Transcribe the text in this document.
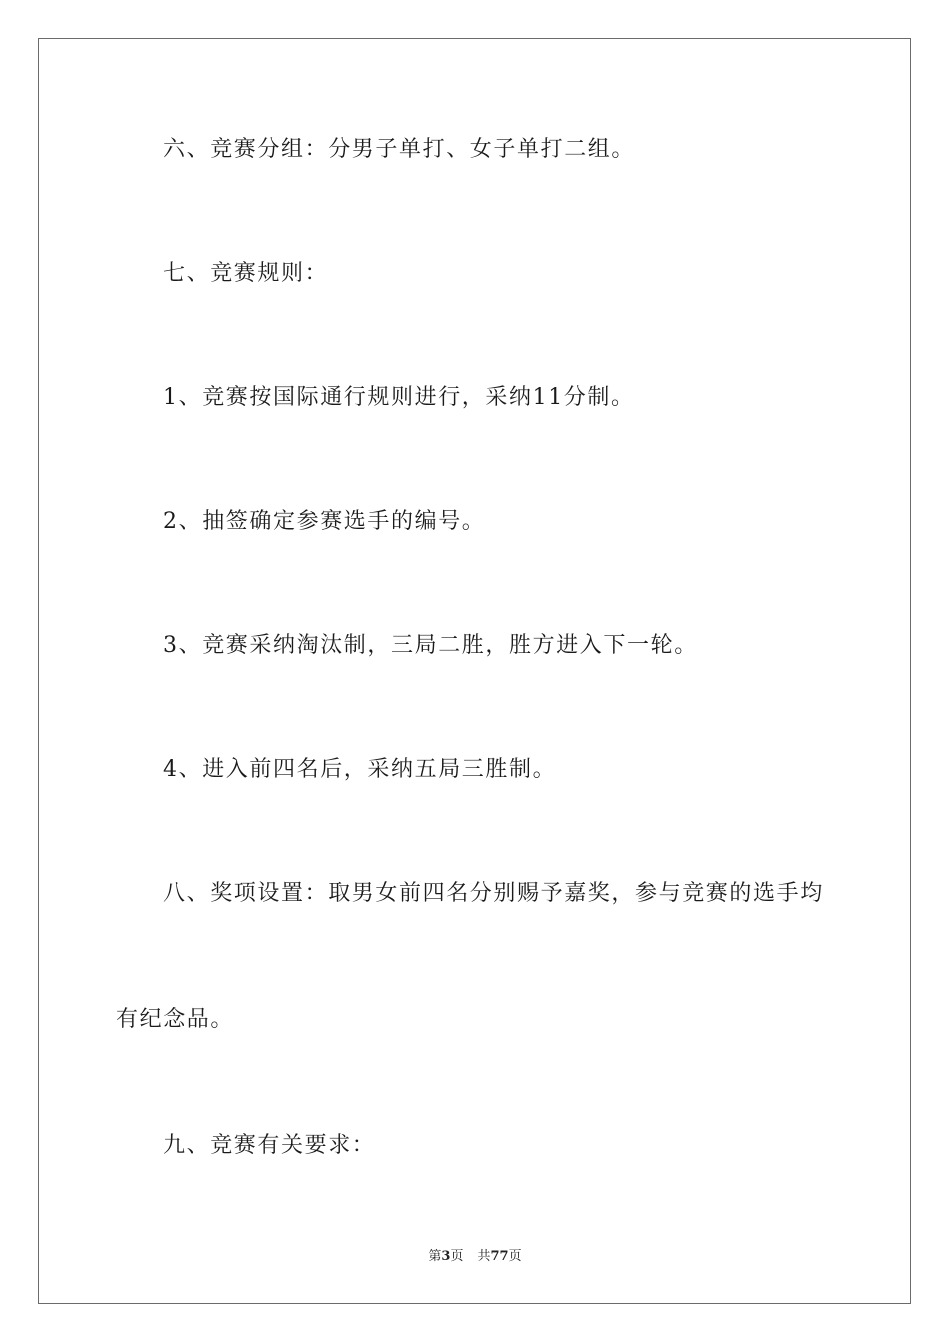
六、竞赛分组：分男子单打、女子单打二组。

七、竞赛规则：

1、竞赛按国际通行规则进行，采纳11分制。

2、抽签确定参赛选手的编号。

3、竞赛采纳淘汰制，三局二胜，胜方进入下一轮。

4、进入前四名后，采纳五局三胜制。

八、奖项设置：取男女前四名分别赐予嘉奖，参与竞赛的选手均

有纪念品。

九、竞赛有关要求：

第3页 共77页
